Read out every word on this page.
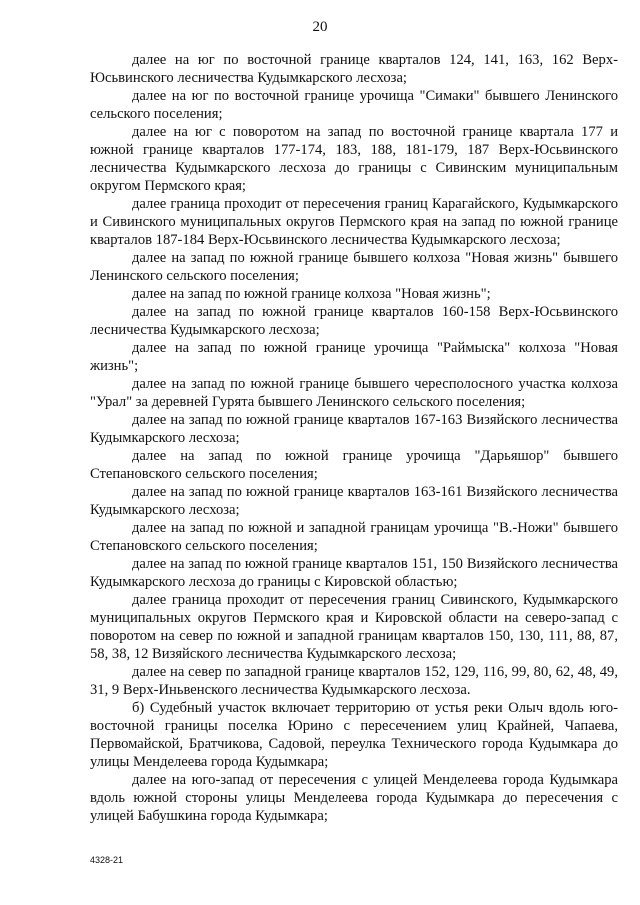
20

далее на юг по восточной границе кварталов 124, 141, 163, 162 Верх-Юсьвинского лесничества Кудымкарского лесхоза;

далее на юг по восточной границе урочища "Симаки" бывшего Ленинского сельского поселения;

далее на юг с поворотом на запад по восточной границе квартала 177 и южной границе кварталов 177-174, 183, 188, 181-179, 187 Верх-Юсьвинского лесничества Кудымкарского лесхоза до границы с Сивинским муниципальным округом Пермского края;

далее граница проходит от пересечения границ Карагайского, Кудымкарского и Сивинского муниципальных округов Пермского края на запад по южной границе кварталов 187-184 Верх-Юсьвинского лесничества Кудымкарского лесхоза;

далее на запад по южной границе бывшего колхоза "Новая жизнь" бывшего Ленинского сельского поселения;

далее на запад по южной границе колхоза "Новая жизнь";

далее на запад по южной границе кварталов 160-158 Верх-Юсьвинского лесничества Кудымкарского лесхоза;

далее на запад по южной границе урочища "Раймыска" колхоза "Новая жизнь";

далее на запад по южной границе бывшего чересполосного участка колхоза "Урал" за деревней Гурята бывшего Ленинского сельского поселения;

далее на запад по южной границе кварталов 167-163 Визяйского лесничества Кудымкарского лесхоза;

далее на запад по южной границе урочища "Дарьяшор" бывшего Степановского сельского поселения;

далее на запад по южной границе кварталов 163-161 Визяйского лесничества Кудымкарского лесхоза;

далее на запад по южной и западной границам урочища "В.-Ножи" бывшего Степановского сельского поселения;

далее на запад по южной границе кварталов 151, 150 Визяйского лесничества Кудымкарского лесхоза до границы с Кировской областью;

далее граница проходит от пересечения границ Сивинского, Кудымкарского муниципальных округов Пермского края и Кировской области на северо-запад с поворотом на север по южной и западной границам кварталов 150, 130, 111, 88, 87, 58, 38, 12 Визяйского лесничества Кудымкарского лесхоза;

далее на север по западной границе кварталов 152, 129, 116, 99, 80, 62, 48, 49, 31, 9 Верх-Иньвенского лесничества Кудымкарского лесхоза.

б) Судебный участок включает территорию от устья реки Олыч вдоль юго-восточной границы поселка Юрино с пересечением улиц Крайней, Чапаева, Первомайской, Братчикова, Садовой, переулка Технического города Кудымкара до улицы Менделеева города Кудымкара;

далее на юго-запад от пересечения с улицей Менделеева города Кудымкара вдоль южной стороны улицы Менделеева города Кудымкара до пересечения с улицей Бабушкина города Кудымкара;

4328-21
